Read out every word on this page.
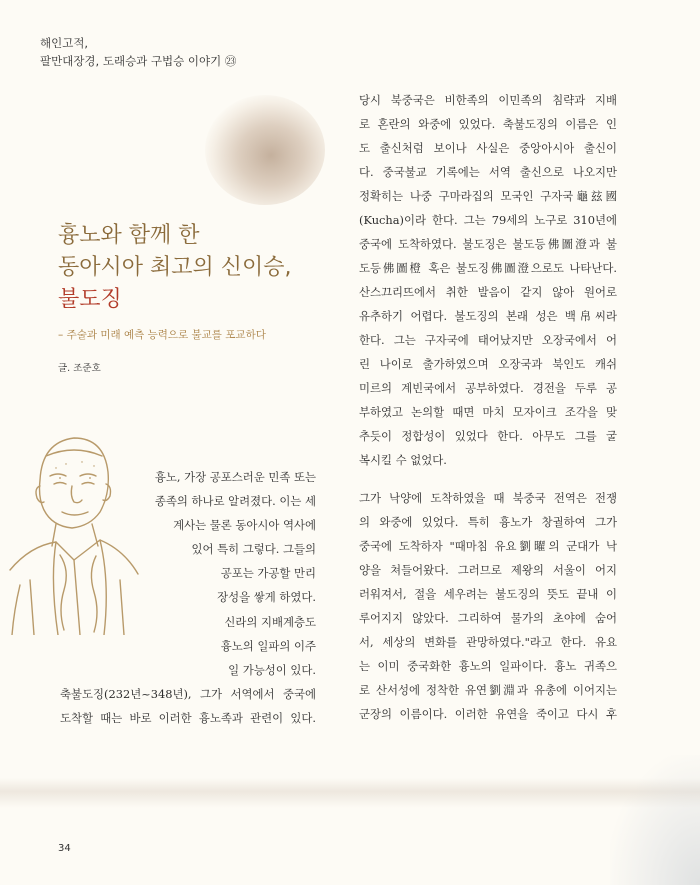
해인고적,
팔만대장경, 도래승과 구법승 이야기 ㉓
흉노와 함께 한
동아시아 최고의 신이승,
불도징
– 주술과 미래 예측 능력으로 불교를 포교하다
글. 조준호
흉노, 가장 공포스러운 민족 또는
종족의 하나로 알려졌다. 이는 세
계사는 물론 동아시아 역사에
있어 특히 그렇다. 그들의
공포는 가공할 만리
장성을 쌓게 하였다.
신라의 지배계층도
흉노의 일파의 이주
일 가능성이 있다.
축불도징(232년~348년), 그가 서역에서 중국에
도착할 때는 바로 이러한 흉노족과 관련이 있다.
당시 북중국은 비한족의 이민족의 침략과 지배
로 혼란의 와중에 있었다. 축불도징의 이름은 인
도 출신처럼 보이나 사실은 중앙아시아 출신이
다. 중국불교 기록에는 서역 출신으로 나오지만
정확히는 나중 구마라집의 모국인 구자국龜玆國
(Kucha)이라 한다. 그는 79세의 노구로 310년에
중국에 도착하였다. 불도징은 불도등佛圖澄과 불
도등佛圖橙 혹은 불도징佛圖澄으로도 나타난다.
산스끄리뜨에서 취한 발음이 같지 않아 원어로
유추하기 어렵다. 불도징의 본래 성은 백帛씨라
한다. 그는 구자국에 태어났지만 오장국에서 어
린 나이로 출가하였으며 오장국과 북인도 캐쉬
미르의 계빈국에서 공부하였다. 경전을 두루 공
부하였고 논의할 때면 마치 모자이크 조각을 맞
추듯이 정합성이 있었다 한다. 아무도 그를 굴
복시킬 수 없었다.
그가 낙양에 도착하였을 때 북중국 전역은 전쟁
의 와중에 있었다. 특히 흉노가 창궐하여 그가
중국에 도착하자 "때마침 유요劉曜의 군대가 낙
양을 쳐들어왔다. 그러므로 제왕의 서울이 어지
러워져서, 절을 세우려는 불도징의 뜻도 끝내 이
루어지지 않았다. 그리하여 물가의 초야에 숨어
서, 세상의 변화를 관망하였다."라고 한다. 유요
는 이미 중국화한 흉노의 일파이다. 흉노 귀족으
로 산서성에 정착한 유연劉淵과 유총에 이어지는
군장의 이름이다. 이러한 유연을 죽이고 다시 후
34
